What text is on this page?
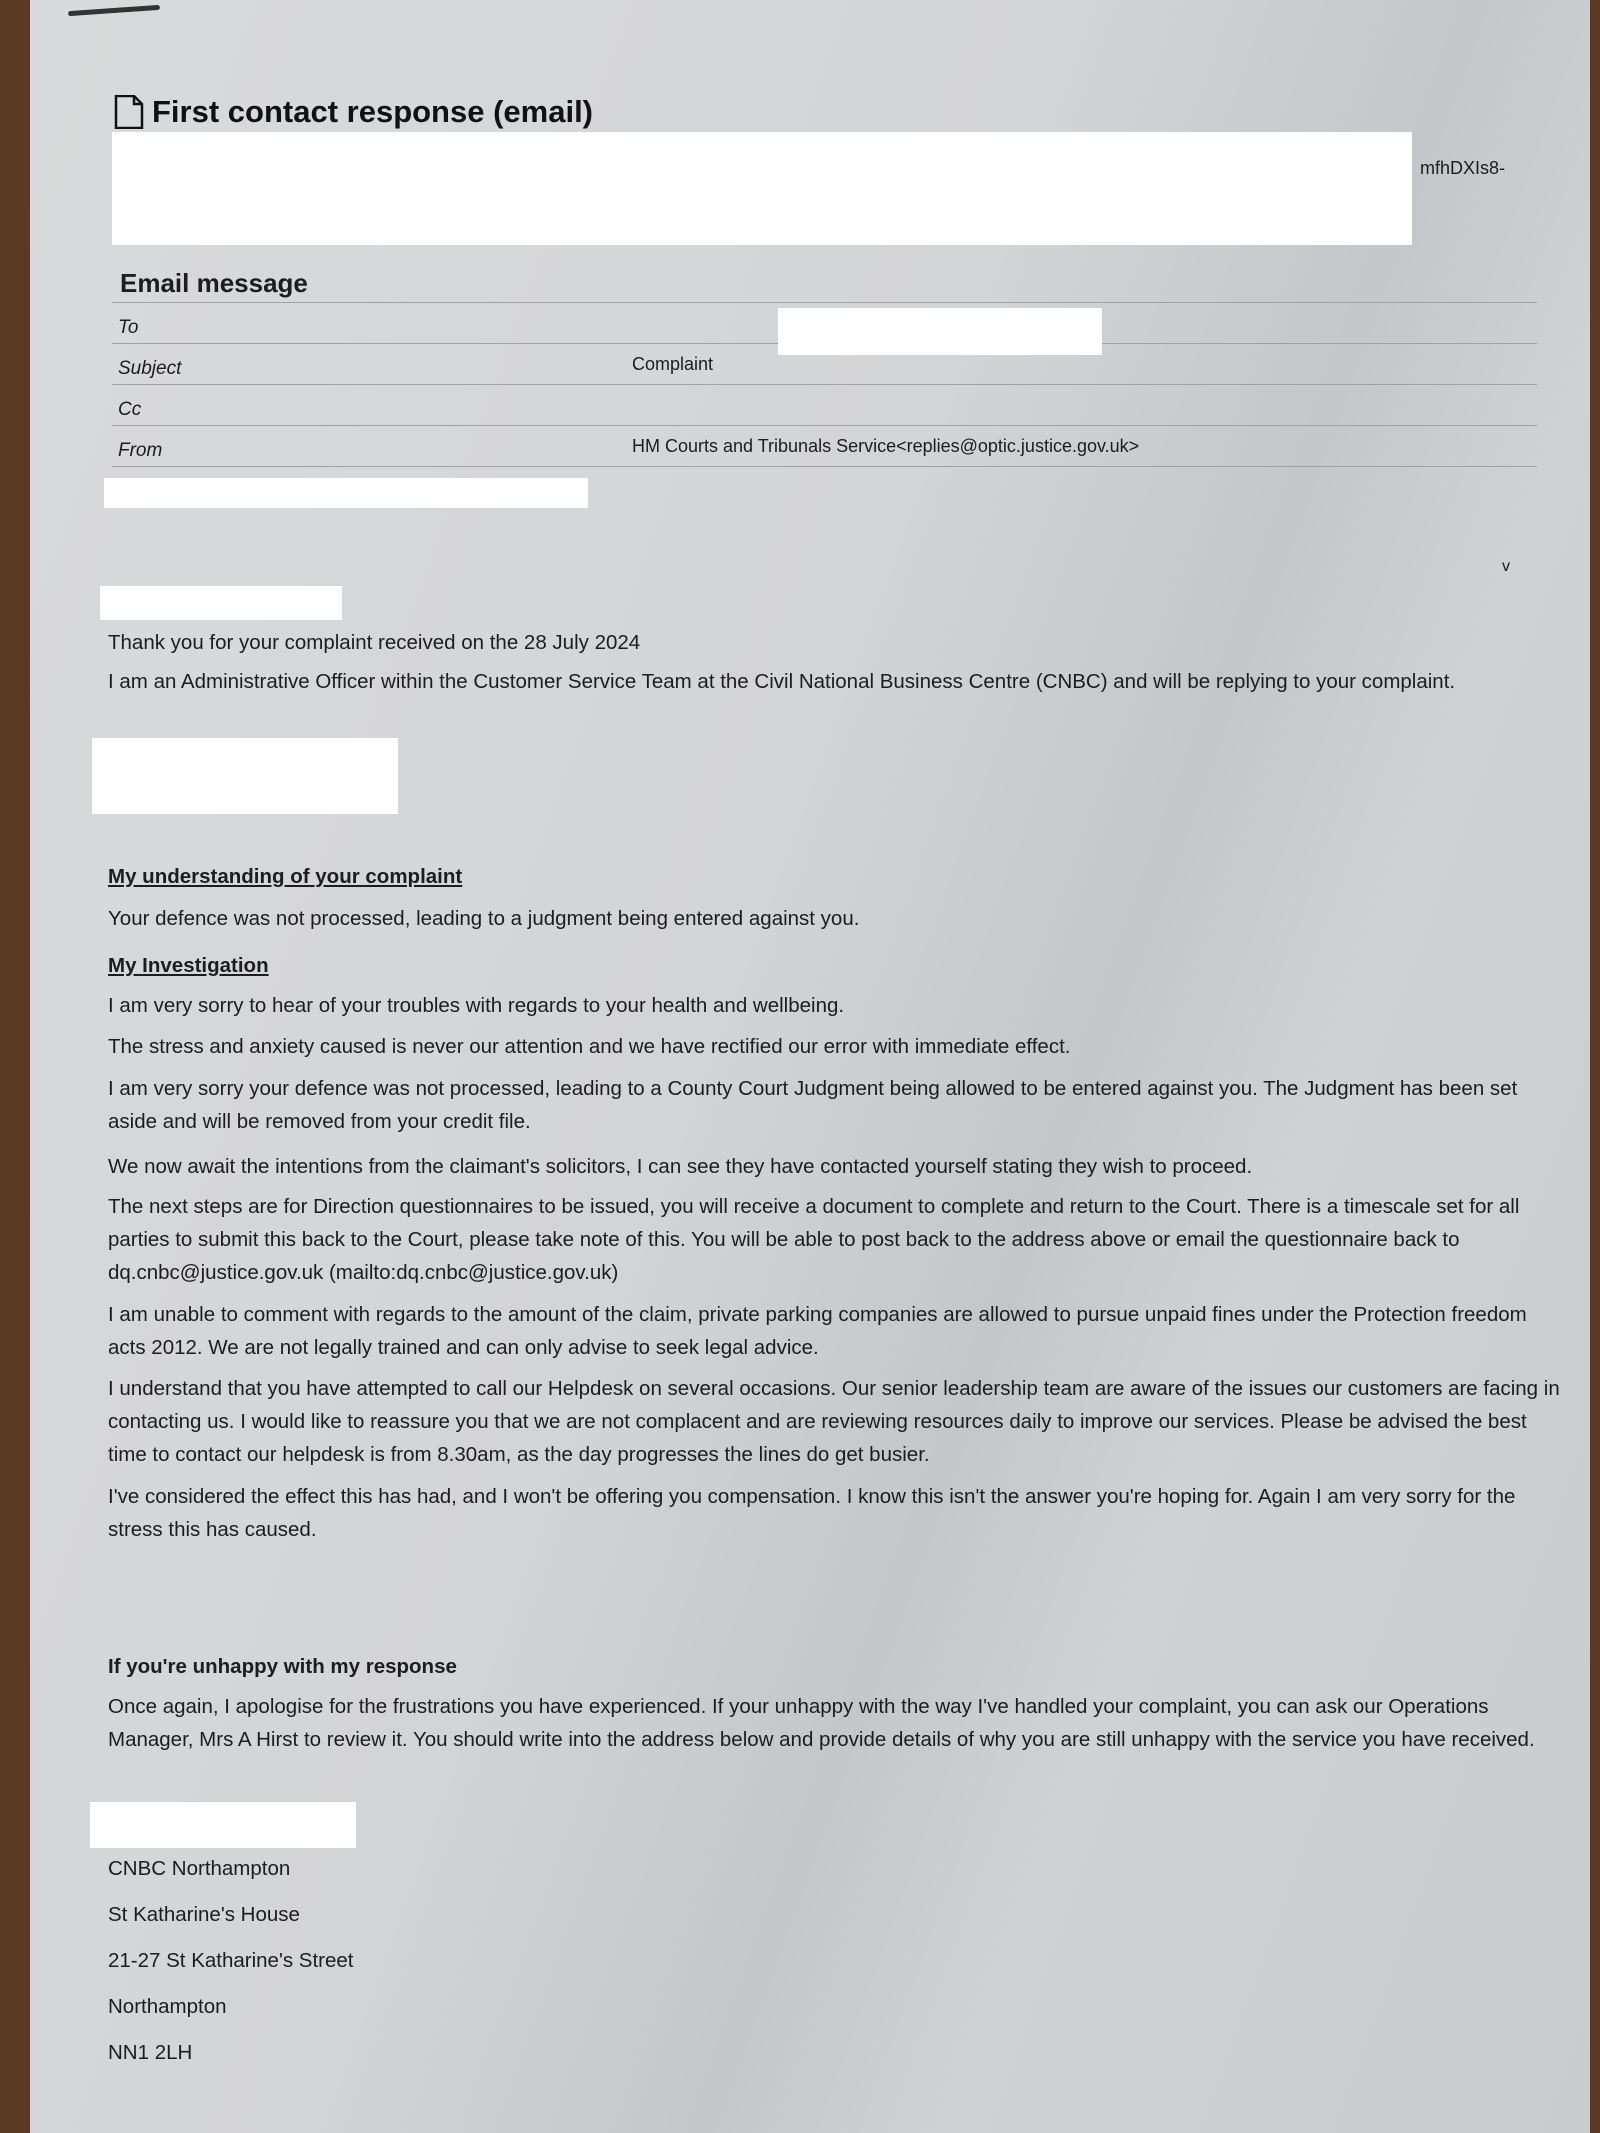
First contact response (email)
mfhDXIs8-
Email message
To
Subject	Complaint
Cc
From	HM Courts and Tribunals Service<replies@optic.justice.gov.uk>
v

Thank you for your complaint received on the 28 July 2024

I am an Administrative Officer within the Customer Service Team at the Civil National Business Centre (CNBC) and will be replying to your complaint.

My understanding of your complaint

Your defence was not processed, leading to a judgment being entered against you.

My Investigation

I am very sorry to hear of your troubles with regards to your health and wellbeing.

The stress and anxiety caused is never our attention and we have rectified our error with immediate effect.

I am very sorry your defence was not processed, leading to a County Court Judgment being allowed to be entered against you. The Judgment has been set aside and will be removed from your credit file.

We now await the intentions from the claimant's solicitors, I can see they have contacted yourself stating they wish to proceed.

The next steps are for Direction questionnaires to be issued, you will receive a document to complete and return to the Court. There is a timescale set for all parties to submit this back to the Court, please take note of this. You will be able to post back to the address above or email the questionnaire back to dq.cnbc@justice.gov.uk (mailto:dq.cnbc@justice.gov.uk)

I am unable to comment with regards to the amount of the claim, private parking companies are allowed to pursue unpaid fines under the Protection freedom acts 2012. We are not legally trained and can only advise to seek legal advice.

I understand that you have attempted to call our Helpdesk on several occasions. Our senior leadership team are aware of the issues our customers are facing in contacting us. I would like to reassure you that we are not complacent and are reviewing resources daily to improve our services. Please be advised the best time to contact our helpdesk is from 8.30am, as the day progresses the lines do get busier.

I've considered the effect this has had, and I won't be offering you compensation. I know this isn't the answer you're hoping for. Again I am very sorry for the stress this has caused.

If you're unhappy with my response

Once again, I apologise for the frustrations you have experienced. If your unhappy with the way I've handled your complaint, you can ask our Operations Manager, Mrs A Hirst to review it. You should write into the address below and provide details of why you are still unhappy with the service you have received.

CNBC Northampton

St Katharine's House

21-27 St Katharine's Street

Northampton

NN1 2LH
